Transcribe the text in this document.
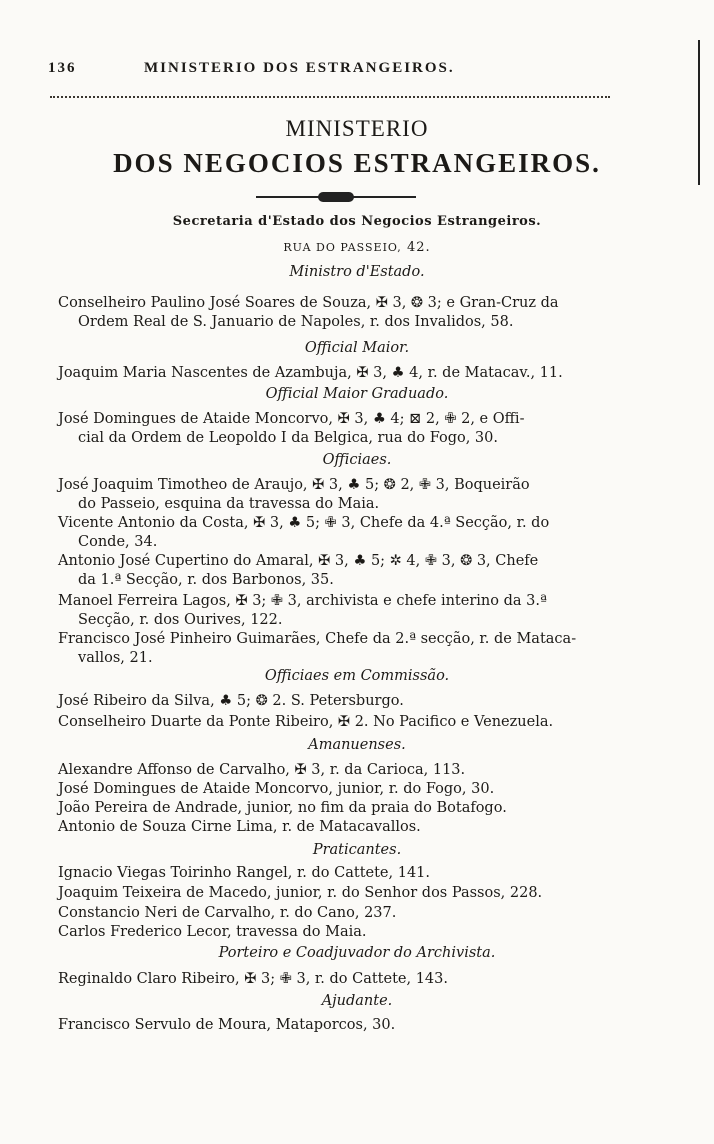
136	MINISTERIO DOS ESTRANGEIROS.
MINISTERIO
DOS NEGOCIOS ESTRANGEIROS.
Secretaria d'Estado dos Negocios Estrangeiros.
RUA DO PASSEIO, 42.
Ministro d'Estado.
Conselheiro Paulino José Soares de Souza, ✠ 3, ❂ 3; e Gran-Cruz da
Ordem Real de S. Januario de Napoles, r. dos Invalidos, 58.
Official Maior.
Joaquim Maria Nascentes de Azambuja, ✠ 3, ♣ 4, r. de Matacav., 11.
Official Maior Graduado.
José Domingues de Ataide Moncorvo, ✠ 3, ♣ 4; ⊠ 2, ✙ 2, e Offi-
cial da Ordem de Leopoldo I da Belgica, rua do Fogo, 30.
Officiaes.
José Joaquim Timotheo de Araujo, ✠ 3, ♣ 5; ❂ 2, ✙ 3, Boqueirão
do Passeio, esquina da travessa do Maia.
Vicente Antonio da Costa, ✠ 3, ♣ 5; ✙ 3, Chefe da 4.ª Secção, r. do
Conde, 34.
Antonio José Cupertino do Amaral, ✠ 3, ♣ 5; ✲ 4, ✙ 3, ❂ 3, Chefe
da 1.ª Secção, r. dos Barbonos, 35.
Manoel Ferreira Lagos, ✠ 3; ✙ 3, archivista e chefe interino da 3.ª
Secção, r. dos Ourives, 122.
Francisco José Pinheiro Guimarães, Chefe da 2.ª secção, r. de Mataca-
vallos, 21.
Officiaes em Commissão.
José Ribeiro da Silva, ♣ 5; ❂ 2. S. Petersburgo.
Conselheiro Duarte da Ponte Ribeiro, ✠ 2. No Pacifico e Venezuela.
Amanuenses.
Alexandre Affonso de Carvalho, ✠ 3, r. da Carioca, 113.
José Domingues de Ataide Moncorvo, junior, r. do Fogo, 30.
João Pereira de Andrade, junior, no fim da praia do Botafogo.
Antonio de Souza Cirne Lima, r. de Matacavallos.
Praticantes.
Ignacio Viegas Toirinho Rangel, r. do Cattete, 141.
Joaquim Teixeira de Macedo, junior, r. do Senhor dos Passos, 228.
Constancio Neri de Carvalho, r. do Cano, 237.
Carlos Frederico Lecor, travessa do Maia.
Porteiro e Coadjuvador do Archivista.
Reginaldo Claro Ribeiro, ✠ 3; ✙ 3, r. do Cattete, 143.
Ajudante.
Francisco Servulo de Moura, Mataporcos, 30.
